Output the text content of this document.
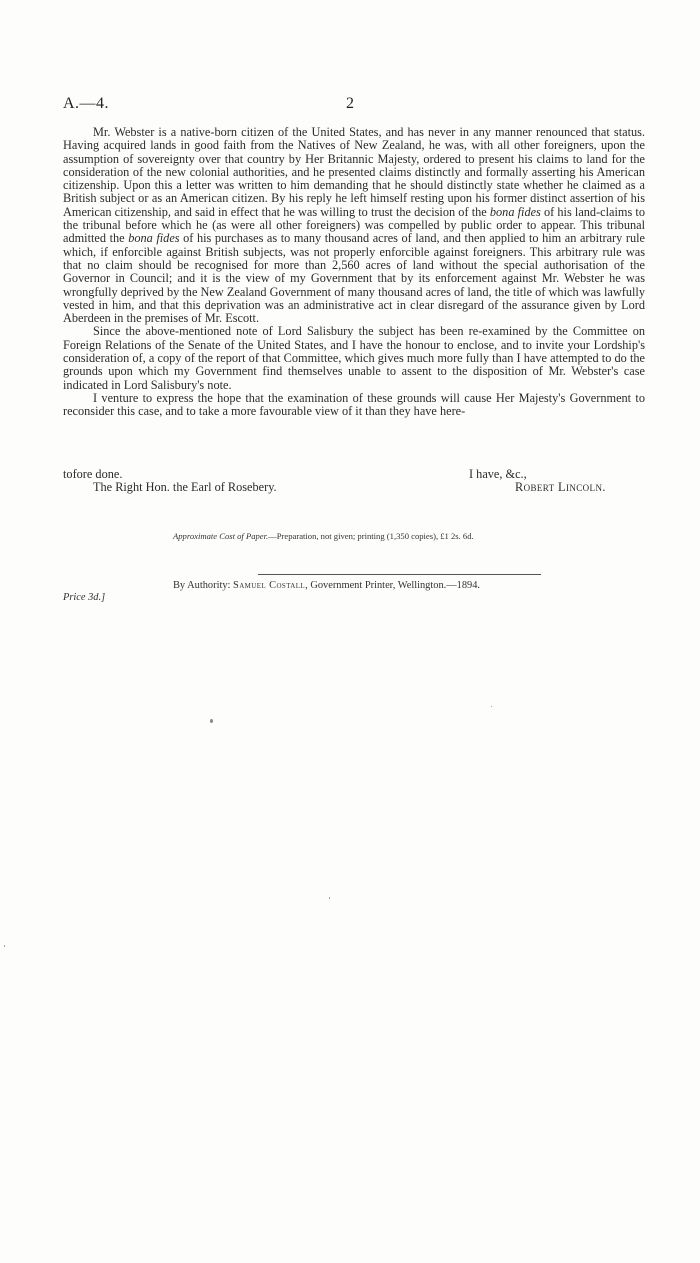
A.—4.	2

Mr. Webster is a native-born citizen of the United States, and has never in any manner renounced that status. Having acquired lands in good faith from the Natives of New Zealand, he was, with all other foreigners, upon the assumption of sovereignty over that country by Her Britannic Majesty, ordered to present his claims to land for the consideration of the new colonial authorities, and he presented claims distinctly and formally asserting his American citizenship. Upon this a letter was written to him demanding that he should distinctly state whether he claimed as a British subject or as an American citizen. By his reply he left himself resting upon his former distinct assertion of his American citizenship, and said in effect that he was willing to trust the decision of the bona fides of his land-claims to the tribunal before which he (as were all other foreigners) was compelled by public order to appear. This tribunal admitted the bona fides of his purchases as to many thousand acres of land, and then applied to him an arbitrary rule which, if enforcible against British subjects, was not properly enforcible against foreigners. This arbitrary rule was that no claim should be recognised for more than 2,560 acres of land without the special authorisation of the Governor in Council; and it is the view of my Government that by its enforcement against Mr. Webster he was wrongfully deprived by the New Zealand Government of many thousand acres of land, the title of which was lawfully vested in him, and that this deprivation was an administrative act in clear disregard of the assurance given by Lord Aberdeen in the premises of Mr. Escott.

Since the above-mentioned note of Lord Salisbury the subject has been re-examined by the Committee on Foreign Relations of the Senate of the United States, and I have the honour to enclose, and to invite your Lordship's consideration of, a copy of the report of that Committee, which gives much more fully than I have attempted to do the grounds upon which my Government find themselves unable to assent to the disposition of Mr. Webster's case indicated in Lord Salisbury's note.

I venture to express the hope that the examination of these grounds will cause Her Majesty's Government to reconsider this case, and to take a more favourable view of it than they have here-

tofore done.	I have, &c.,
The Right Hon. the Earl of Rosebery.	Robert Lincoln.
Approximate Cost of Paper.—Preparation, not given; printing (1,350 copies), £1 2s. 6d.
By Authority: Samuel Costall, Government Printer, Wellington.—1894.
Price 3d.]
